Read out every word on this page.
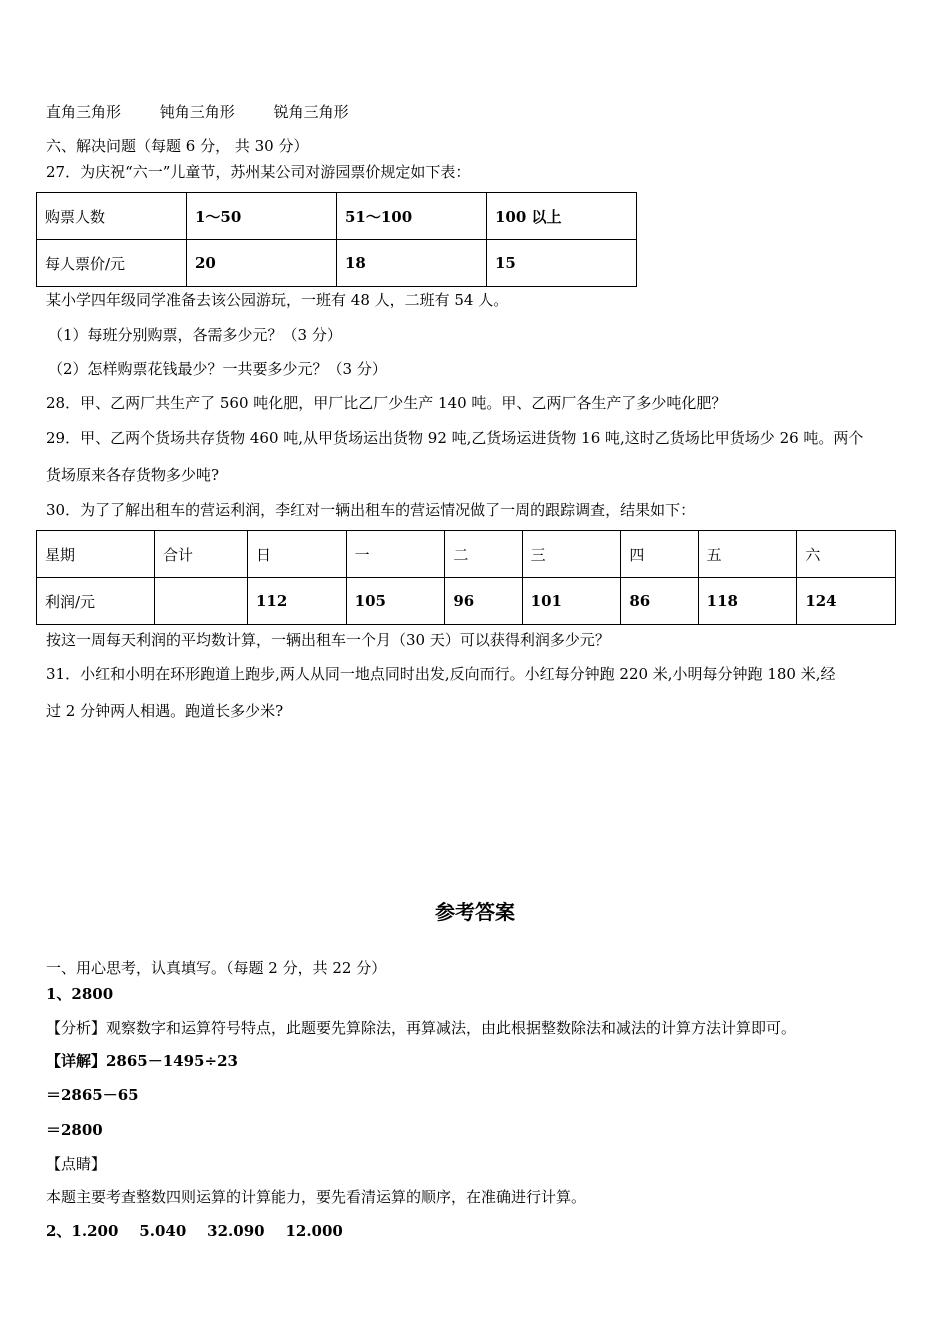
直角三角形	钝角三角形	锐角三角形
六、解决问题（每题 6 分， 共 30 分）
27．为庆祝“六一”儿童节，苏州某公司对游园票价规定如下表：
购票人数	1～50	51～100	100 以上
每人票价/元	20	18	15
某小学四年级同学准备去该公园游玩，一班有 48 人，二班有 54 人。
（1）每班分别购票，各需多少元？（3 分）
（2）怎样购票花钱最少？一共要多少元？（3 分）
28．甲、乙两厂共生产了 560 吨化肥，甲厂比乙厂少生产 140 吨。甲、乙两厂各生产了多少吨化肥？
29．甲、乙两个货场共存货物 460 吨,从甲货场运出货物 92 吨,乙货场运进货物 16 吨,这时乙货场比甲货场少 26 吨。两个
货场原来各存货物多少吨?
30．为了了解出租车的营运利润，李红对一辆出租车的营运情况做了一周的跟踪调查，结果如下：
星期	合计	日	一	二	三	四	五	六
利润/元		112	105	96	101	86	118	124
按这一周每天利润的平均数计算，一辆出租车一个月（30 天）可以获得利润多少元？
31．小红和小明在环形跑道上跑步,两人从同一地点同时出发,反向而行。小红每分钟跑 220 米,小明每分钟跑 180 米,经
过 2 分钟两人相遇。跑道长多少米?
参考答案
一、用心思考，认真填写。（每题 2 分，共 22 分）
1、2800
【分析】观察数字和运算符号特点，此题要先算除法，再算减法，由此根据整数除法和减法的计算方法计算即可。
【详解】2865－1495÷23
＝2865－65
＝2800
【点睛】
本题主要考查整数四则运算的计算能力，要先看清运算的顺序，在准确进行计算。
2、1.200    5.040    32.090    12.000
